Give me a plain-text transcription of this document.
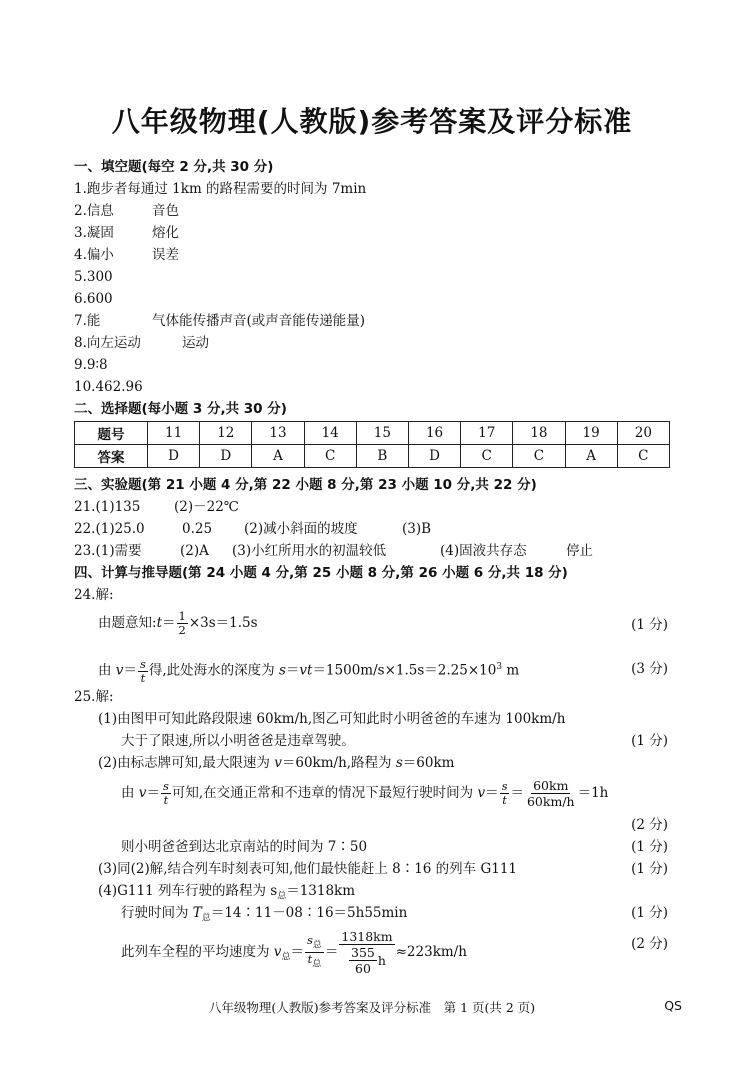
八年级物理(人教版)参考答案及评分标准
一、填空题(每空 2 分,共 30 分)
1.跑步者每通过 1km 的路程需要的时间为 7min
2.信息	音色
3.凝固	熔化
4.偏小	误差
5.300
6.600
7.能	气体能传播声音(或声音能传递能量)
8.向左运动	运动
9.9∶8
10.462.96
二、选择题(每小题 3 分,共 30 分)
题号	11	12	13	14	15	16	17	18	19	20
答案	D	D	A	C	B	D	C	C	A	C
三、实验题(第 21 小题 4 分,第 22 小题 8 分,第 23 小题 10 分,共 22 分)
21.(1)135 (2)－22℃
22.(1)25.0	0.25 (2)减小斜面的坡度	(3)B
23.(1)需要	(2)A (3)小红所用水的初温较低	(4)固液共存态	停止
四、计算与推导题(第 24 小题 4 分,第 25 小题 8 分,第 26 小题 6 分,共 18 分)
24.解:
由题意知:t＝ $\frac{1}{2} \times 3s=1.5s$	(1 分)
由 $v= \frac{s}{t}$ 得,此处海水的深度为 $s=vt=1500m/s\times 1.5s=2.25\times 10^3$ m	(3 分)
25.解:
(1)由图甲可知此路段限速 60km/h,图乙可知此时小明爸爸的车速为 100km/h
大于了限速,所以小明爸爸是违章驾驶。	(1 分)
(2)由标志牌可知,最大限速为 v＝60km/h,路程为 s＝60km
由 $v= \frac{s}{t}$ 可知,在交通正常和不违章的情况下最短行驶时间为 $v= \frac{s}{t} = \frac{60km}{60km/h} =1h$
(2 分)
则小明爸爸到达北京南站的时间为 7∶50	(1 分)
(3)同(2)解,结合列车时刻表可知,他们最快能赶上 8∶16 的列车 G111	(1 分)
(4)G111 列车行驶的路程为 $s_总=1318km$
行驶时间为 $T_总=14∶11-08∶16=5h55\min$	(1 分)
此列车全程的平均速度为 $v_总= \frac{s_总}{t_总} = \frac{1318km}{\frac{355}{60} h} \approx 223km/h$	(2 分)
八年级物理(人教版)参考答案及评分标准　第 1 页(共 2 页)	QS
